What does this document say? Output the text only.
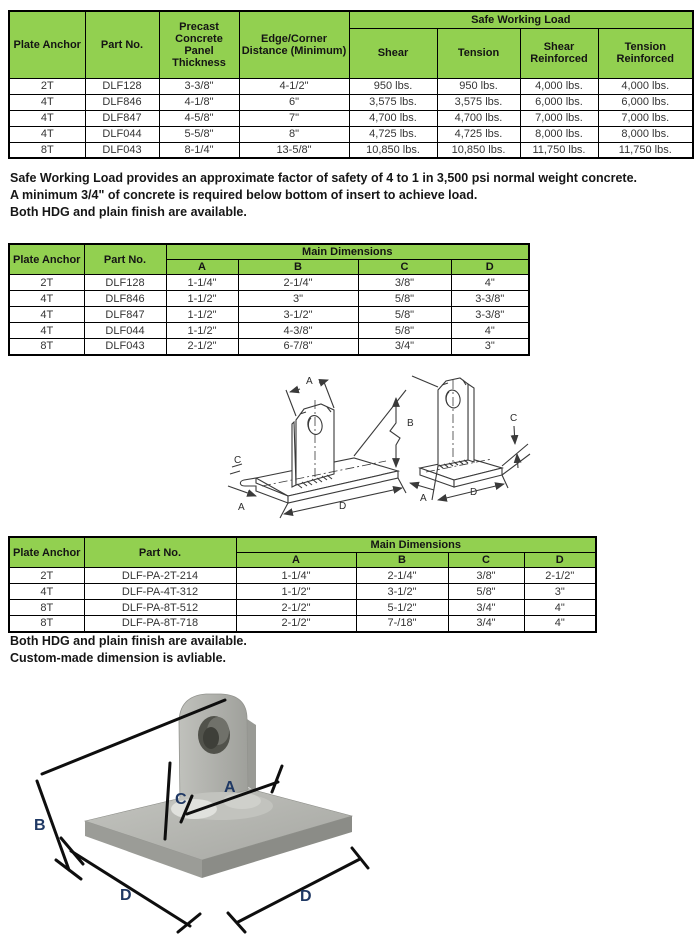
Plate Anchor	Part No.	Precast Concrete Panel Thickness	Edge/Corner Distance (Minimum)	Safe Working Load			
				Shear	Tension	Shear Reinforced	Tension Reinforced
2T	DLF128	3-3/8"	4-1/2"	950 lbs.	950 lbs.	4,000 lbs.	4,000 lbs.
4T	DLF846	4-1/8"	6"	3,575 lbs.	3,575 lbs.	6,000 lbs.	6,000 lbs.
4T	DLF847	4-5/8"	7"	4,700 lbs.	4,700 lbs.	7,000 lbs.	7,000 lbs.
4T	DLF044	5-5/8"	8"	4,725 lbs.	4,725 lbs.	8,000 lbs.	8,000 lbs.
8T	DLF043	8-1/4"	13-5/8"	10,850 lbs.	10,850 lbs.	11,750 lbs.	11,750 lbs.
Safe Working Load provides an approximate factor of safety of 4 to 1 in 3,500 psi normal weight concrete.
A minimum 3/4" of concrete is required below bottom of insert to achieve load.
Both HDG and plain finish are available.
Plate Anchor	Part No.	Main Dimensions			
		A	B	C	D
2T	DLF128	1-1/4"	2-1/4"	3/8"	4"
4T	DLF846	1-1/2"	3"	5/8"	3-3/8"
4T	DLF847	1-1/2"	3-1/2"	5/8"	3-3/8"
4T	DLF044	1-1/2"	4-3/8"	5/8"	4"
8T	DLF043	2-1/2"	6-7/8"	3/4"	3"
A
B
C
A	D
C
A
D
Plate Anchor	Part No.	Main Dimensions			
		A	B	C	D
2T	DLF-PA-2T-214	1-1/4"	2-1/4"	3/8"	2-1/2"
4T	DLF-PA-4T-312	1-1/2"	3-1/2"	5/8"	3"
8T	DLF-PA-8T-512	2-1/2"	5-1/2"	3/4"	4"
8T	DLF-PA-8T-718	2-1/2"	7-/18"	3/4"	4"
Both HDG and plain finish are available.
Custom-made dimension is avliable.
B
C
A
D	D
